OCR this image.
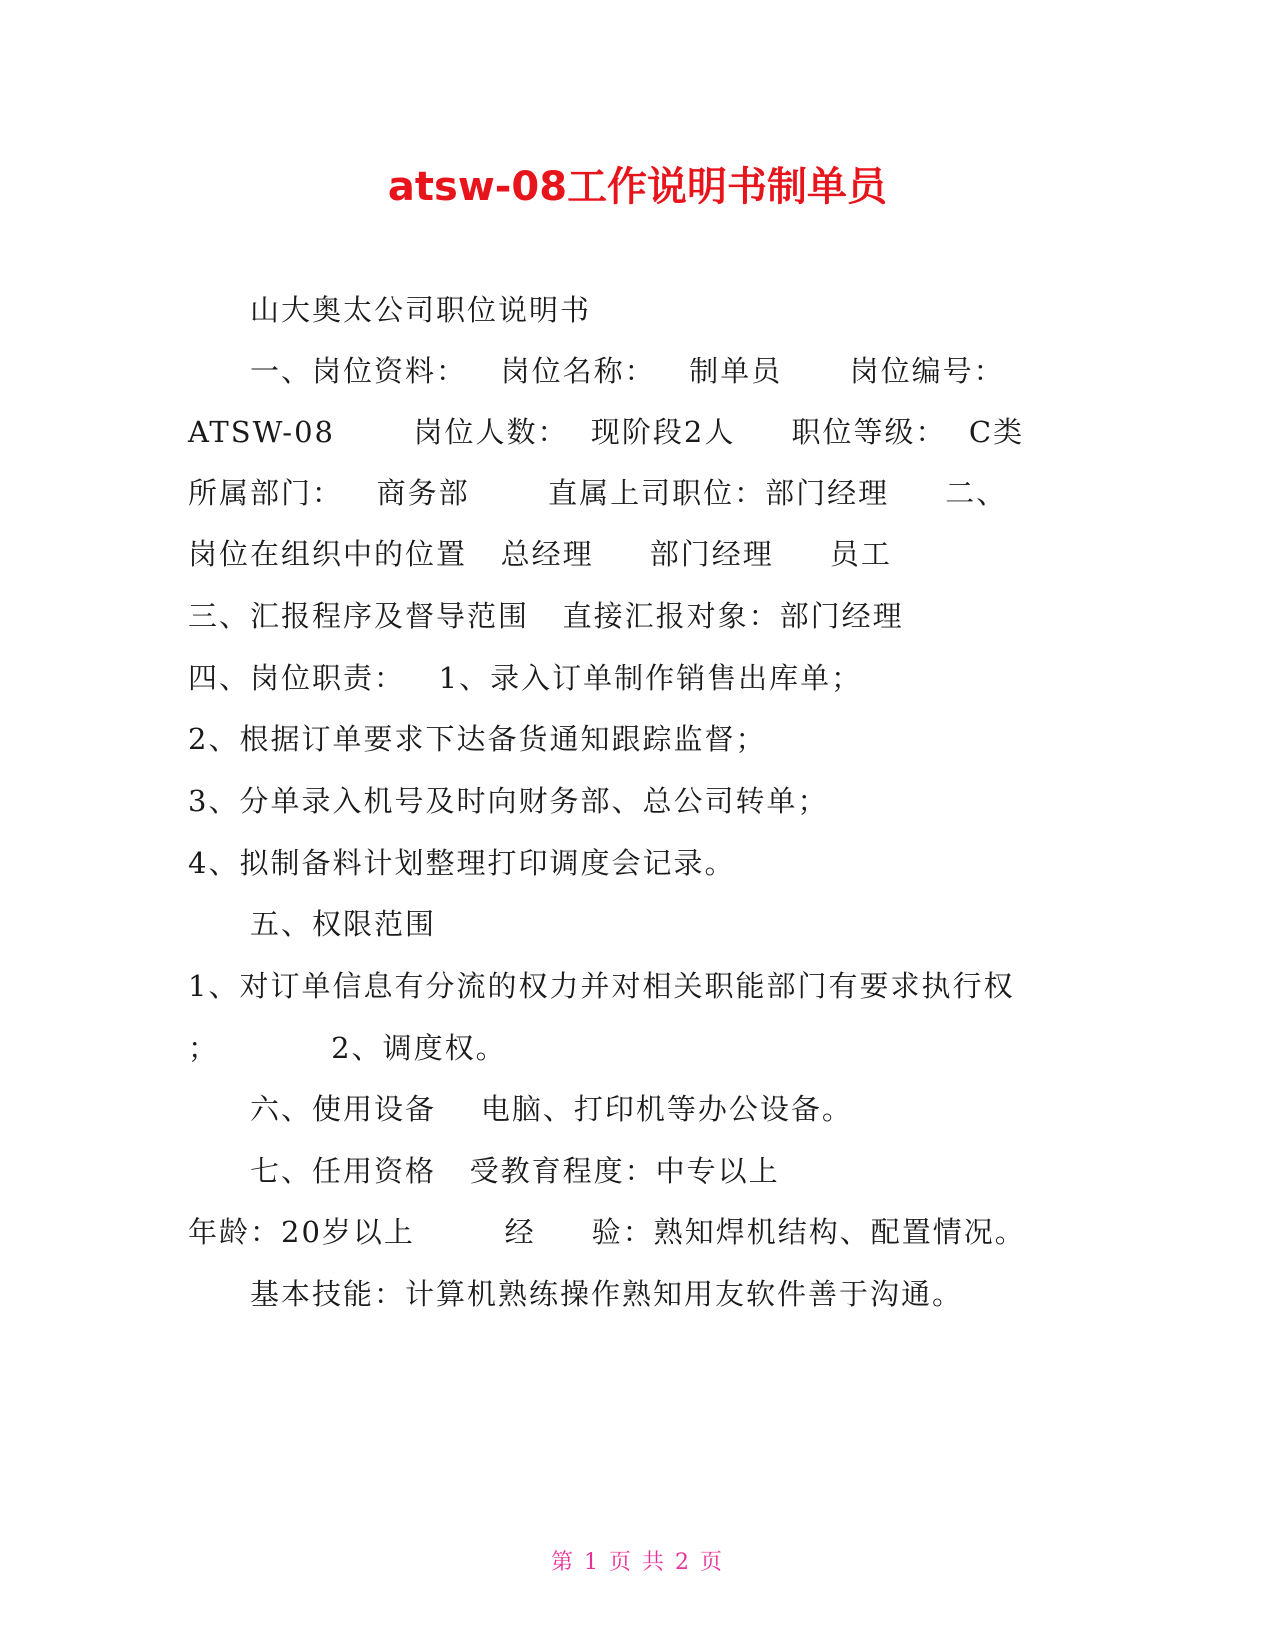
atsw-08工作说明书制单员
山大奥太公司职位说明书
一、岗位资料：   岗位名称：   制单员      岗位编号：
ATSW-08       岗位人数：  现阶段2人     职位等级：  C类
所属部门：   商务部       直属上司职位：部门经理     二、
岗位在组织中的位置   总经理     部门经理     员工
三、汇报程序及督导范围   直接汇报对象：部门经理
四、岗位职责：   1、录入订单制作销售出库单；
2、根据订单要求下达备货通知跟踪监督；
3、分单录入机号及时向财务部、总公司转单；
4、拟制备料计划整理打印调度会记录。
五、权限范围
1、对订单信息有分流的权力并对相关职能部门有要求执行权
；          2、调度权。
六、使用设备    电脑、打印机等办公设备。
七、任用资格   受教育程度：中专以上
年龄：20岁以上        经     验：熟知焊机结构、配置情况。
基本技能：计算机熟练操作熟知用友软件善于沟通。
第 1 页 共 2 页
